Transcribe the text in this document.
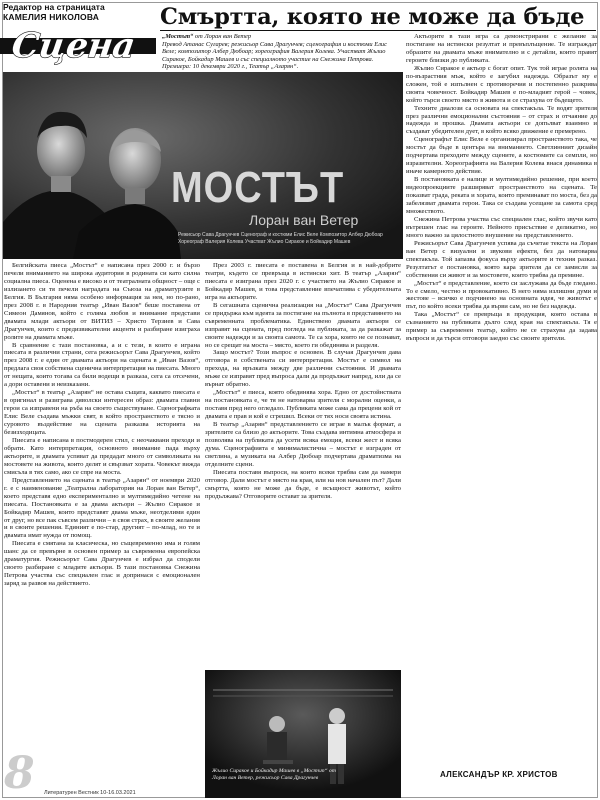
Редактор на страницата
КАМЕЛИЯ НИКОЛОВА
Сцена
Смъртта, която не може да бъде
„Мостът“ от Лоран ван Ветер
Превод Атанас Сугарев; режисьор Сава Драгунчев; сценография и костюми Елис Веле; композитор Албер Дюбоар; хореография Валерия Колева. Участват Жълио Сиракое, Бойкадир Машев и със специалното участие на Снежина Петрова.
Премиера: 10 декември 2020 г., Театър „Азарян“.
МОСТЪТ
Лоран ван Ветер
Режисьор Сава Драгунчев Сценограф и костюми Елис Веле Композитор Албер Дюбоар
Хореограф Валерия Колева Участват Жълио Сиракое и Бойкадир Машев

Белгийската пиеса „Мостът“ е написана през 2000 г. и бързо печели вниманието на широка аудитория в родината си като силна социална пиеса. Оценена е високо и от театралната общност – още с излизането си тя печели наградата на Съюза на драматурзите в Белгия. В България няма особено информация за нея, но по-рано, през 2008 г. в Народния театър „Иван Вазов“ беше поставена от Симеон Дамянов, който с голяма любов и внимание представи двамата млади актьори от ВИТИЗ – Христо Терзиев и Сава Драгунчев, които с предизвикателни акценти и разбиране изиграха ролите на двамата мъже.

В сравнение с тази постановка, а и с тези, в които е играна пиесата в различни страни, сега режисьорът Сава Драгунчев, който през 2008 г. е един от двамата актьори на сцената в „Иван Вазов“, предлага своя собствена сценична интерпретация на пиесата. Много от нещата, които тогава са били водещи в разказа, сега са отсечени, а дори оставени и неизказани.

„Мостът“ в театър „Азарян“ не остава същата, каквато пиесата е в оригинал и разиграва дяволски интересен образ: двамата главни герои са изправени на ръба на своето съществуване. Сценографката Елис Веле създава мъжки свят, в който пространството е тясно и суровото въздействие на сцената разказва историята на безизходицата.

Пиесата е написана в постмодерен стил, с неочаквани преходи и обрати. Като интерпретация, основното внимание пада върху актьорите, и двамата успяват да предадат много от символиката на мостовете на живота, които делят и свързват хората. Човекът виждa смисъла в тях само, ако се спре на моста.

Представлението на сцената в театър „Азарян“ от ноември 2020 г. е с наименование „Театрална лаборатория на Лоран ван Ветер“, което представя едно експериментално и мултимедийно четене на пиесата. Постановката е за двама актьори – Жълио Сиракое и Бойкадир Машев, които представят двама мъже, неотделими един от друг, но все пак съвсем различни – в своя страх, в своите желания и в своите решения. Единият е по-стар, другият – по-млад, но те и двамата имат нужда от помощ.

Пиесата е смятана за класическа, но същевременно има и голям шанс да се превърне в основен пример за съвременна европейска драматургия. Режисьорът Сава Драгунчев е избрал да сподели своето разбиране с младите актьори. В тази постановка Снежина Петрова участва със специален глас и допринася с емоционален заряд за развоя на действието.

През 2003 г. пиесата е поставена в Белгия и в най-добрите театри, където се превръща в истински хит. В театър „Азарян“ пиесата е изиграна през 2020 г. с участието на Жълио Сиракое и Бойкадир Машев, и това представление впечатлява с убедителната игра на актьорите.

В сегашната сценична реализация на „Мостът“ Сава Драгунчев се придържа към идеята за постигане на пълнота в представянето на съвременната проблематика. Единствено двамата актьори се изправят на сцената, пред погледа на публиката, за да разкажат за своите надежди и за своята самота. Те са хора, които не се познават, но се срещат на моста – място, което ги обединява и разделя.

Защо мостът? Този въпрос е основен. В случая Драгунчев дава отговора в собствената си интерпретация. Мостът е символ на прехода, на връзката между две различни състояния. И двамата мъже се изправят пред въпроса дали да продължат напред, или да се върнат обратно.

„Мостът“ е пиеса, която обединява хора. Едно от достойнствата на постановката е, че тя не натоварва зрителя с морални оценки, а поставя пред него огледало. Публиката може сама да прецени кой от двамата е прав и кой е сгрешил. Всеки от тях носи своята истина.

В театър „Азарян“ представлението се играе в малък формат, а зрителите са близо до актьорите. Това създава интимна атмосфера и позволява на публиката да усети всяка емоция, всеки жест и всяка дума. Сценографията е минималистична – мостът е изграден от светлина, а музиката на Албер Дюбоар подчертава драматизма на отделните сцени.

Пиесата поставя въпроси, на които всеки трябва сам да намери отговор. Дали мостът е място на края, или на нов начален път? Дали смъртта, която не може да бъде, е всъщност животът, който продължава? Отговорите остават за зрителя.

Актьорите в тази игра са демонстрирани с желание за постигане на истински резултат и превъплъщение. Те изграждат образите на двамата мъже внимателно и с детайли, които правят героите близки до публиката.

Жълио Сиракое е актьор с богат опит. Тук той играе ролята на по-възрастния мъж, който е загубил надежда. Образът му е сложен, той е изпълнен с противоречия и постепенно разкрива своята човечност. Бойкадир Машев е по-младият герой – човек, който търси своето място в живота и се страхува от бъдещето.

Техните диалози са основата на спектакъла. Те водят зрителя през различни емоционални състояния – от страх и отчаяние до надежда и прошка. Двамата актьори се допълват взаимно и създават убедителен дует, в който всяко движение е премерено.

Сценографът Елис Веле е организирал пространството така, че мостът да бъде в центъра на вниманието. Светлинният дизайн подчертава преходите между сцените, а костюмите са семпли, но изразителни. Хореографията на Валерия Колева внася динамика в иначе камерното действие.

В постановката е налице и мултимедийно решение, при което видеопроекциите разширяват пространството на сцената. Те показват града, реката и хората, които преминават по моста, без да забелязват двамата герои. Така се създава усещане за самота сред множеството.

Снежина Петрова участва със специален глас, който звучи като вътрешен глас на героите. Нейното присъствие е деликатно, но много важно за цялостното внушение на представлението.

Режисьорът Сава Драгунчев успява да съчетае текста на Лоран ван Ветер с визуални и звукови ефекти, без да натоварва спектакъла. Той запазва фокуса върху актьорите и техния разказ. Резултатът е постановка, която кара зрителя да се замисли за собствения си живот и за мостовете, които трябва да премине.

„Мостът“ е представление, което си заслужава да бъде гледано. То е смело, честно и провокативно. В него няма излишни думи и жестове – всичко е подчинено на основната идея, че животът е път, по който всеки трябва да върви сам, но не без надежда.

Така „Мостът“ се превръща в продукция, която остава в съзнанието на публиката дълго след края на спектакъла. Тя е пример за съвременен театър, който не се страхува да задава въпроси и да търси отговори заедно със своите зрители.

Жълио Сиракое и Бойкадир Машев в „Мостът“ от Лоран ван Ветер, режисьор Сава Драгунчев
8 Литературен Вестник 10-16.03.2021
АЛЕКСАНДЪР КР. ХРИСТОВ
